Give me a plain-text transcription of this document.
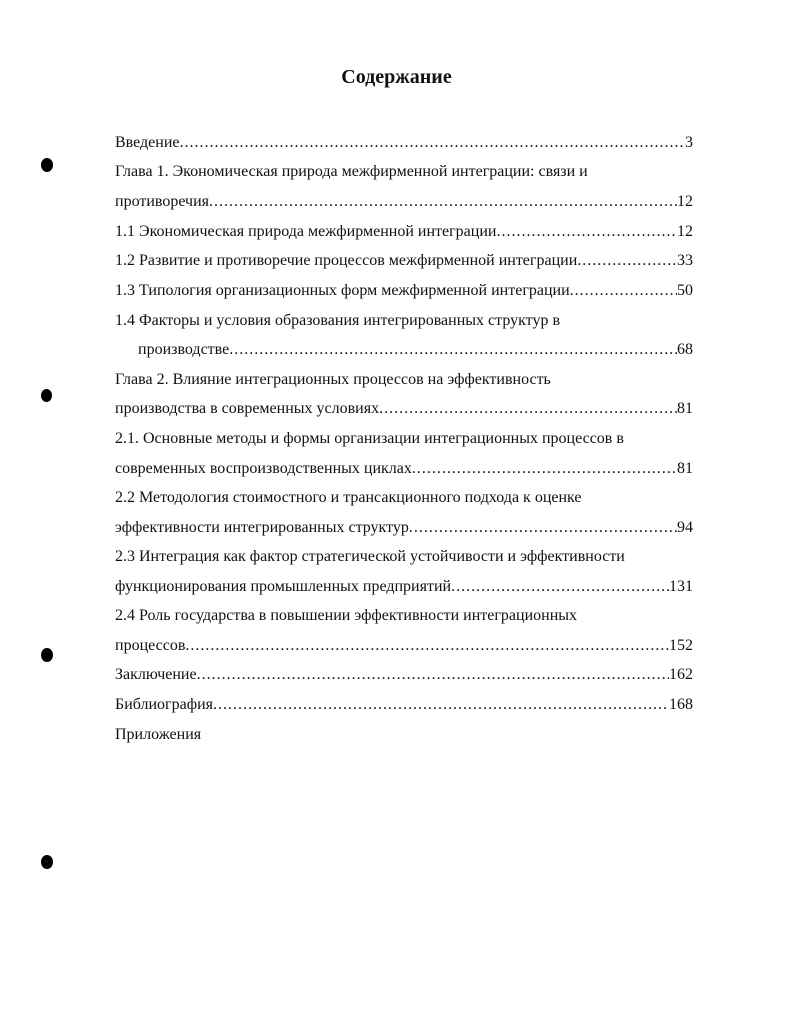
Содержание
Введение .....	3
Глава 1. Экономическая природа межфирменной интеграции: связи и
противоречия .....	12
1.1 Экономическая природа межфирменной интеграции .....	12
1.2 Развитие и противоречие процессов межфирменной интеграции .....	33
1.3 Типология организационных форм межфирменной интеграции .....	50
1.4 Факторы и условия образования интегрированных структур в
производстве .....	68
Глава 2. Влияние интеграционных процессов на эффективность
производства в современных условиях .....	81
2.1. Основные методы и формы организации интеграционных процессов в
современных воспроизводственных циклах .....	81
2.2 Методология стоимостного и трансакционного подхода к оценке
эффективности интегрированных структур .....	94
2.3 Интеграция как фактор стратегической устойчивости и эффективности
функционирования промышленных предприятий .....	131
2.4 Роль государства в повышении эффективности интеграционных
процессов .....	152
Заключение .....	162
Библиография .....	168
Приложения
